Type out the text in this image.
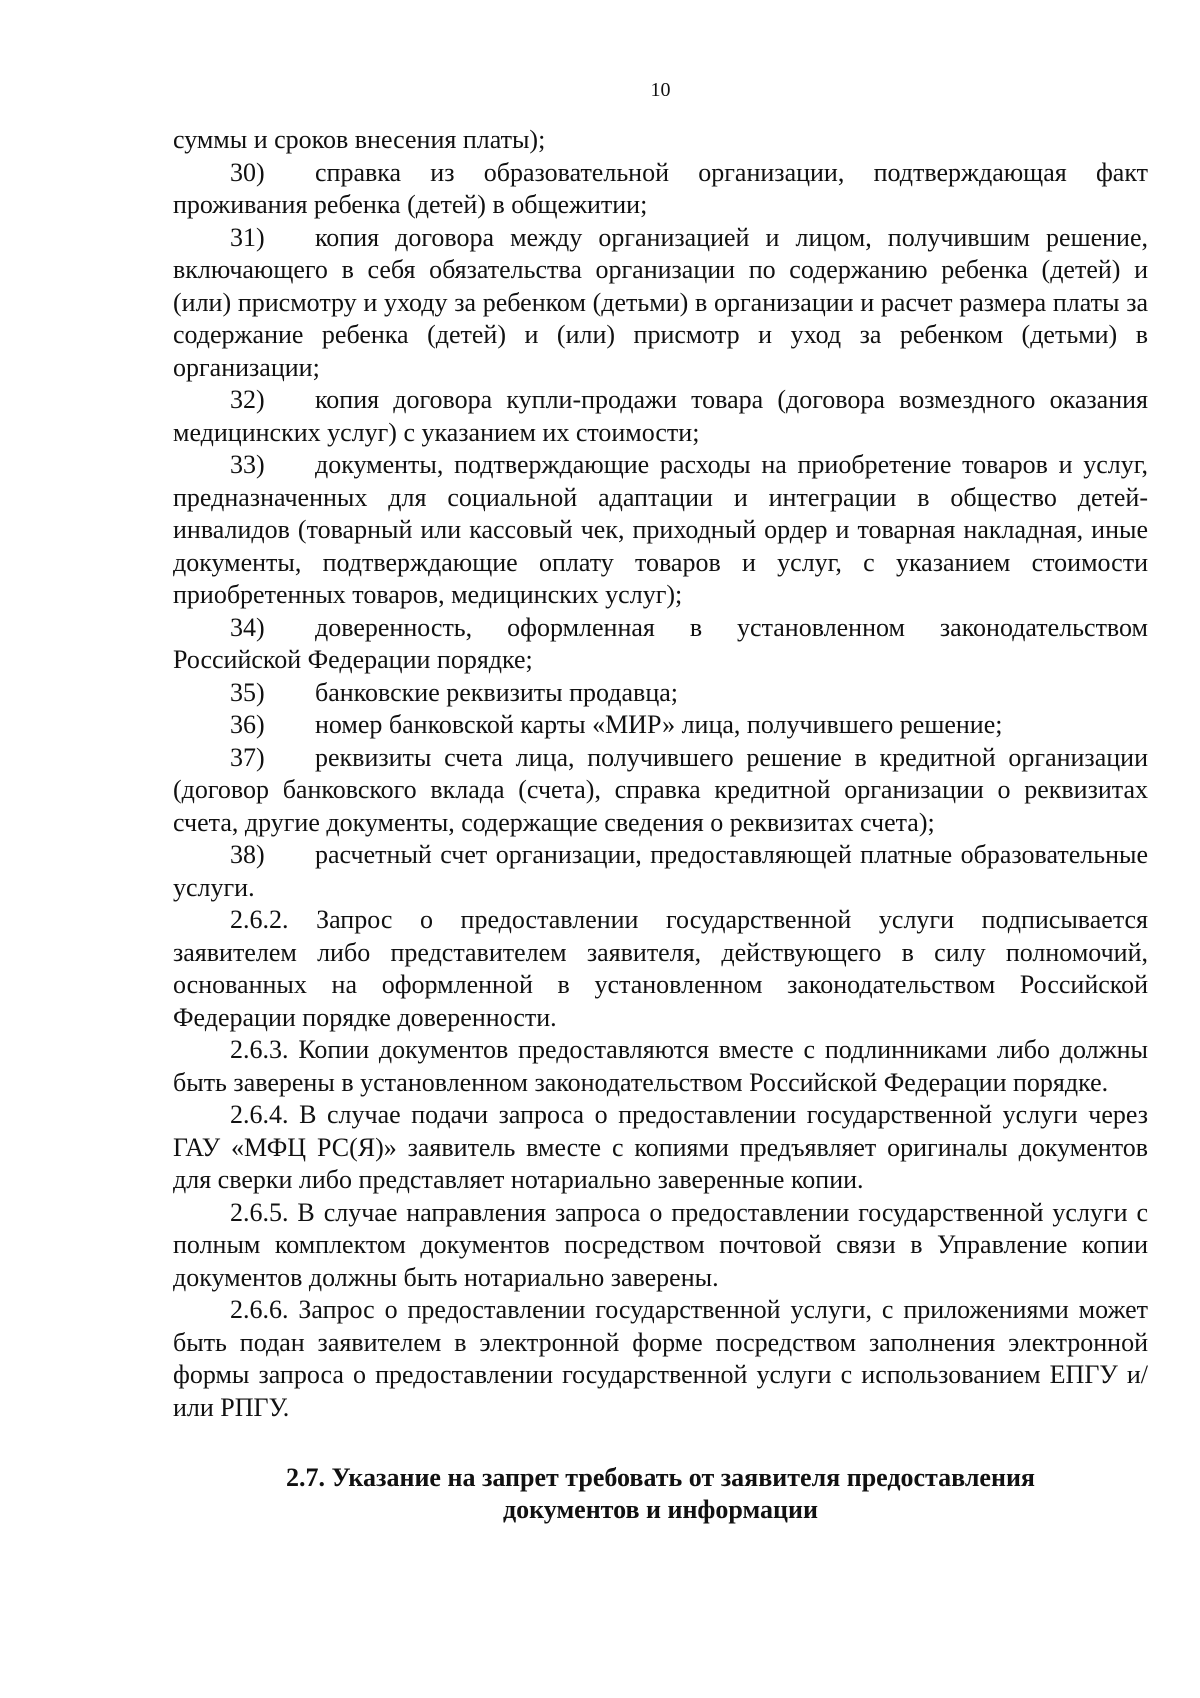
10

суммы и сроков внесения платы);

30) справка из образовательной организации, подтверждающая факт проживания ребенка (детей) в общежитии;

31) копия договора между организацией и лицом, получившим решение, включающего в себя обязательства организации по содержанию ребенка (детей) и (или) присмотру и уходу за ребенком (детьми) в организации и расчет размера платы за содержание ребенка (детей) и (или) присмотр и уход за ребенком (детьми) в организации;

32) копия договора купли-продажи товара (договора возмездного оказания медицинских услуг) с указанием их стоимости;

33) документы, подтверждающие расходы на приобретение товаров и услуг, предназначенных для социальной адаптации и интеграции в общество детей-инвалидов (товарный или кассовый чек, приходный ордер и товарная накладная, иные документы, подтверждающие оплату товаров и услуг, с указанием стоимости приобретенных товаров, медицинских услуг);

34) доверенность, оформленная в установленном законодательством Российской Федерации порядке;

35) банковские реквизиты продавца;

36) номер банковской карты «МИР» лица, получившего решение;

37) реквизиты счета лица, получившего решение в кредитной организации (договор банковского вклада (счета), справка кредитной организации о реквизитах счета, другие документы, содержащие сведения о реквизитах счета);

38) расчетный счет организации, предоставляющей платные образовательные услуги.

2.6.2. Запрос о предоставлении государственной услуги подписывается заявителем либо представителем заявителя, действующего в силу полномочий, основанных на оформленной в установленном законодательством Российской Федерации порядке доверенности.

2.6.3. Копии документов предоставляются вместе с подлинниками либо должны быть заверены в установленном законодательством Российской Федерации порядке.

2.6.4. В случае подачи запроса о предоставлении государственной услуги через ГАУ «МФЦ РС(Я)» заявитель вместе с копиями предъявляет оригиналы документов для сверки либо представляет нотариально заверенные копии.

2.6.5. В случае направления запроса о предоставлении государственной услуги с полным комплектом документов посредством почтовой связи в Управление копии документов должны быть нотариально заверены.

2.6.6. Запрос о предоставлении государственной услуги, с приложениями может быть подан заявителем в электронной форме посредством заполнения электронной формы запроса о предоставлении государственной услуги с использованием ЕПГУ и/или РПГУ.

2.7. Указание на запрет требовать от заявителя предоставления
документов и информации
